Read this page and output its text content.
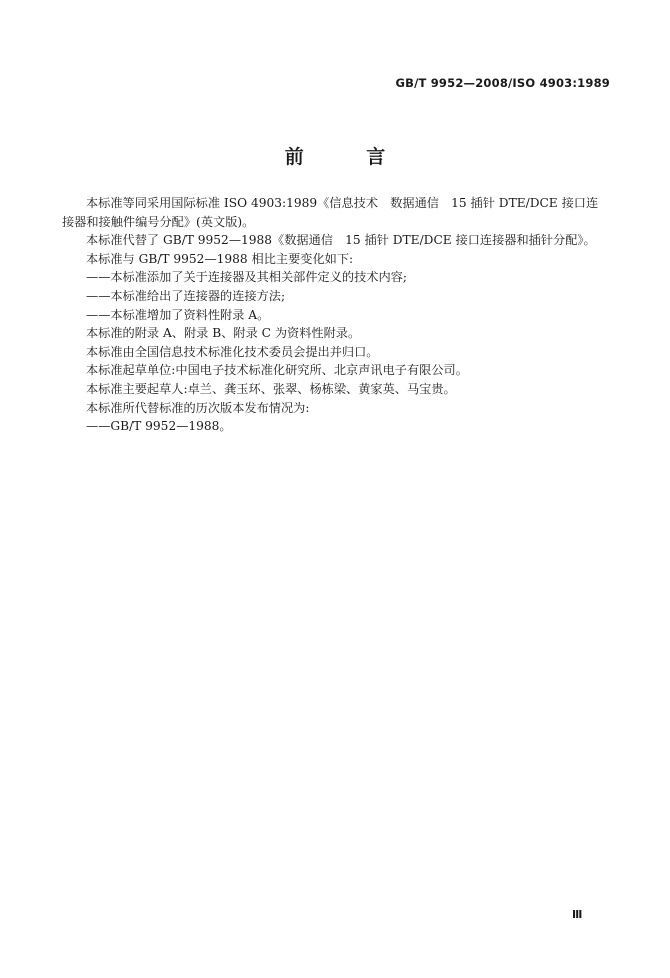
GB/T 9952—2008/ISO 4903:1989
前 言

本标准等同采用国际标准 ISO 4903:1989《信息技术　数据通信　15 插针 DTE/DCE 接口连接器和接触件编号分配》(英文版)。

本标准代替了 GB/T 9952—1988《数据通信　15 插针 DTE/DCE 接口连接器和插针分配》。

本标准与 GB/T 9952—1988 相比主要变化如下:

——本标准添加了关于连接器及其相关部件定义的技术内容;

——本标准给出了连接器的连接方法;

——本标准增加了资料性附录 A。

本标准的附录 A、附录 B、附录 C 为资料性附录。

本标准由全国信息技术标准化技术委员会提出并归口。

本标准起草单位:中国电子技术标准化研究所、北京声讯电子有限公司。

本标准主要起草人:卓兰、龚玉环、张翠、杨栋梁、黄家英、马宝贵。

本标准所代替标准的历次版本发布情况为:

——GB/T 9952—1988。

Ⅲ
